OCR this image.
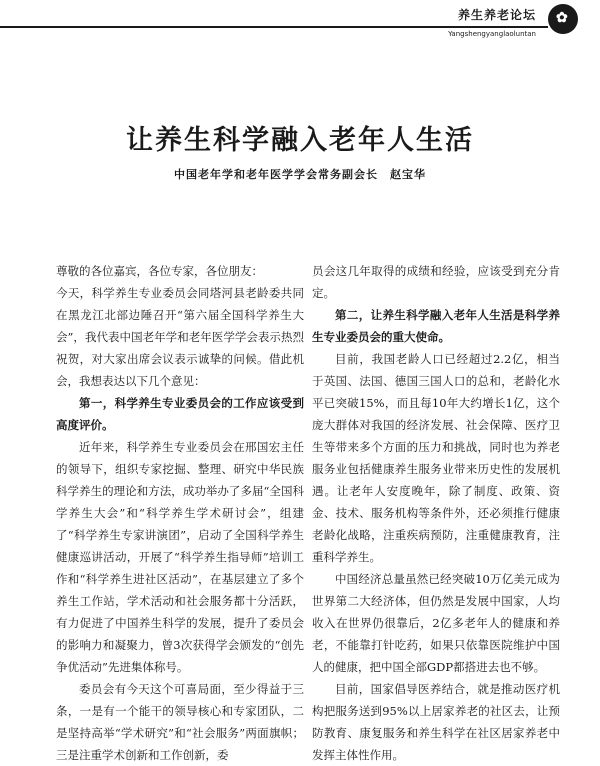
养生养老论坛
Yangshengyanglaoluntan
✿
让养生科学融入老年人生活
中国老年学和老年医学学会常务副会长　赵宝华

尊敬的各位嘉宾，各位专家，各位朋友：

今天，科学养生专业委员会同塔河县老龄委共同在黑龙江北部边陲召开“第六届全国科学养生大会”，我代表中国老年学和老年医学学会表示热烈祝贺，对大家出席会议表示诚挚的问候。借此机会，我想表达以下几个意见：

第一，科学养生专业委员会的工作应该受到高度评价。

近年来，科学养生专业委员会在邢国宏主任的领导下，组织专家挖掘、整理、研究中华民族科学养生的理论和方法，成功举办了多届“全国科学养生大会”和“科学养生学术研讨会”，组建了“科学养生专家讲演团”，启动了全国科学养生健康巡讲活动，开展了“科学养生指导师”培训工作和“科学养生进社区活动”，在基层建立了多个养生工作站，学术活动和社会服务都十分活跃，有力促进了中国养生科学的发展，提升了委员会的影响力和凝聚力，曾3次获得学会颁发的“创先争优活动”先进集体称号。

委员会有今天这个可喜局面，至少得益于三条，一是有一个能干的领导核心和专家团队，二是坚持高举“学术研究”和“社会服务”两面旗帜；三是注重学术创新和工作创新，委

员会这几年取得的成绩和经验，应该受到充分肯定。

第二，让养生科学融入老年人生活是科学养生专业委员会的重大使命。

目前，我国老龄人口已经超过2.2亿，相当于英国、法国、德国三国人口的总和，老龄化水平已突破15%，而且每10年大约增长1亿，这个庞大群体对我国的经济发展、社会保障、医疗卫生等带来多个方面的压力和挑战，同时也为养老服务业包括健康养生服务业带来历史性的发展机遇。让老年人安度晚年，除了制度、政策、资金、技术、服务机构等条件外，还必须推行健康老龄化战略，注重疾病预防，注重健康教育，注重科学养生。

中国经济总量虽然已经突破10万亿美元成为世界第二大经济体，但仍然是发展中国家，人均收入在世界仍很靠后，2亿多老年人的健康和养老，不能靠打针吃药，如果只依靠医院维护中国人的健康，把中国全部GDP都搭进去也不够。

目前，国家倡导医养结合，就是推动医疗机构把服务送到95%以上居家养老的社区去，让预防教育、康复服务和养生科学在社区居家养老中发挥主体性作用。
